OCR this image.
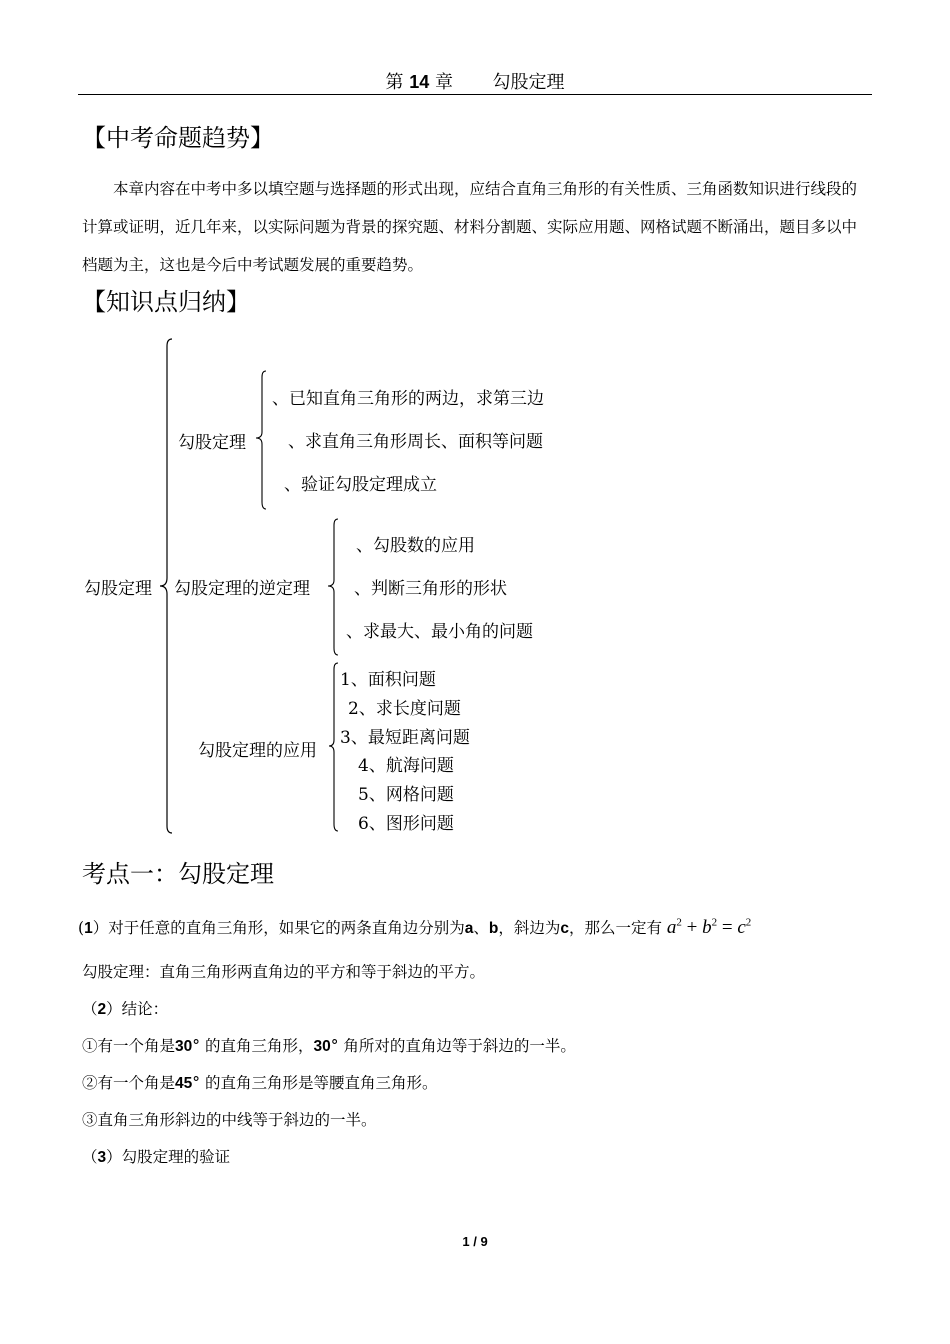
第 14 章 勾股定理
【中考命题趋势】

本章内容在中考中多以填空题与选择题的形式出现，应结合直角三角形的有关性质、三角函数知识进行线段的计算或证明，近几年来，以实际问题为背景的探究题、材料分割题、实际应用题、网格试题不断涌出，题目多以中档题为主，这也是今后中考试题发展的重要趋势。

【知识点归纳】
勾股定理
勾股定理
、已知直角三角形的两边，求第三边
、求直角三角形周长、面积等问题
、验证勾股定理成立
勾股定理的逆定理
、勾股数的应用
、判断三角形的形状
、求最大、最小角的问题
勾股定理的应用
1、面积问题
2、求长度问题
3、最短距离问题
4、航海问题
5、网格问题
6、图形问题
考点一：勾股定理
(1）对于任意的直角三角形，如果它的两条直角边分别为a、b，斜边为c，那么一定有 $a^2 + b^2 = c^2$
勾股定理：直角三角形两直角边的平方和等于斜边的平方。
（2）结论：
①有一个角是30° 的直角三角形，30° 角所对的直角边等于斜边的一半。
②有一个角是45° 的直角三角形是等腰直角三角形。
③直角三角形斜边的中线等于斜边的一半。
（3）勾股定理的验证
1 / 9
